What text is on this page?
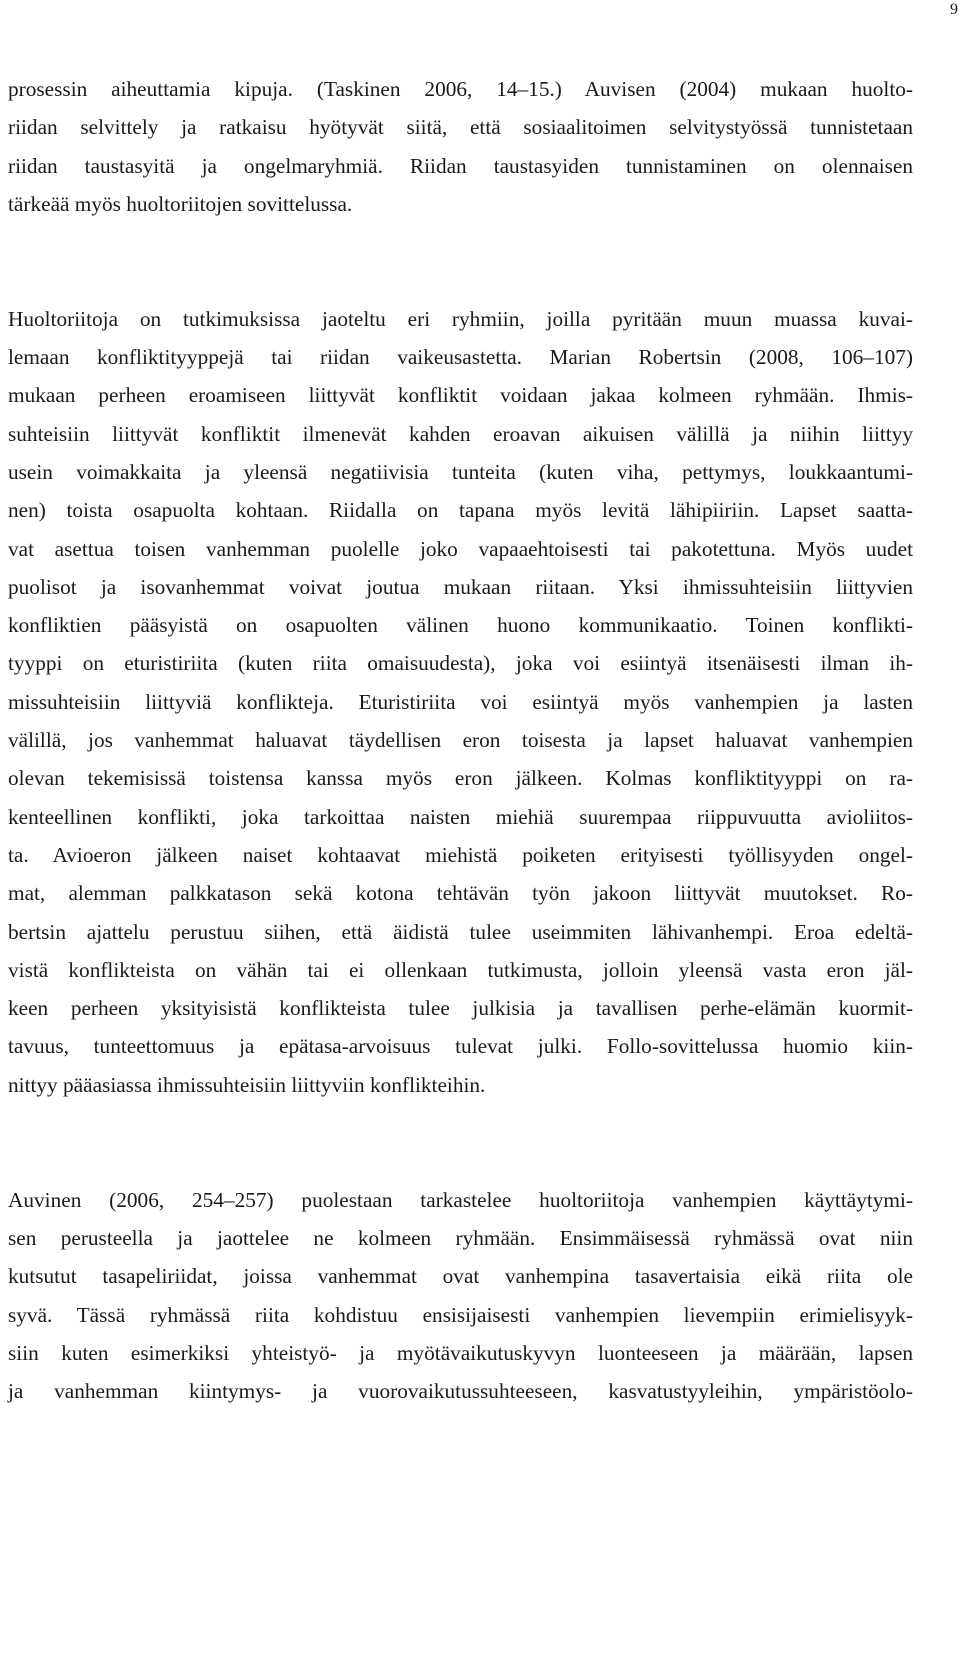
9
prosessin aiheuttamia kipuja. (Taskinen 2006, 14–15.) Auvisen (2004) mukaan huolto-
riidan selvittely ja ratkaisu hyötyvät siitä, että sosiaalitoimen selvitystyössä tunnistetaan
riidan taustasyitä ja ongelmaryhmiä. Riidan taustasyiden tunnistaminen on olennaisen
tärkeää myös huoltoriitojen sovittelussa.
Huoltoriitoja on tutkimuksissa jaoteltu eri ryhmiin, joilla pyritään muun muassa kuvai-
lemaan konfliktityyppejä tai riidan vaikeusastetta. Marian Robertsin (2008, 106–107)
mukaan perheen eroamiseen liittyvät konfliktit voidaan jakaa kolmeen ryhmään. Ihmis-
suhteisiin liittyvät konfliktit ilmenevät kahden eroavan aikuisen välillä ja niihin liittyy
usein voimakkaita ja yleensä negatiivisia tunteita (kuten viha, pettymys, loukkaantumi-
nen) toista osapuolta kohtaan. Riidalla on tapana myös levitä lähipiiriin. Lapset saatta-
vat asettua toisen vanhemman puolelle joko vapaaehtoisesti tai pakotettuna. Myös uudet
puolisot ja isovanhemmat voivat joutua mukaan riitaan. Yksi ihmissuhteisiin liittyvien
konfliktien pääsyistä on osapuolten välinen huono kommunikaatio. Toinen konflikti-
tyyppi on eturistiriita (kuten riita omaisuudesta), joka voi esiintyä itsenäisesti ilman ih-
missuhteisiin liittyviä konflikteja. Eturistiriita voi esiintyä myös vanhempien ja lasten
välillä, jos vanhemmat haluavat täydellisen eron toisesta ja lapset haluavat vanhempien
olevan tekemisissä toistensa kanssa myös eron jälkeen. Kolmas konfliktityyppi on ra-
kenteellinen konflikti, joka tarkoittaa naisten miehiä suurempaa riippuvuutta avioliitos-
ta. Avioeron jälkeen naiset kohtaavat miehistä poiketen erityisesti työllisyyden ongel-
mat, alemman palkkatason sekä kotona tehtävän työn jakoon liittyvät muutokset. Ro-
bertsin ajattelu perustuu siihen, että äidistä tulee useimmiten lähivanhempi. Eroa edeltä-
vistä konflikteista on vähän tai ei ollenkaan tutkimusta, jolloin yleensä vasta eron jäl-
keen perheen yksityisistä konflikteista tulee julkisia ja tavallisen perhe-elämän kuormit-
tavuus, tunteettomuus ja epätasa-arvoisuus tulevat julki. Follo-sovittelussa huomio kiin-
nittyy pääasiassa ihmissuhteisiin liittyviin konflikteihin.
Auvinen (2006, 254–257) puolestaan tarkastelee huoltoriitoja vanhempien käyttäytymi-
sen perusteella ja jaottelee ne kolmeen ryhmään. Ensimmäisessä ryhmässä ovat niin
kutsutut tasapeliriidat, joissa vanhemmat ovat vanhempina tasavertaisia eikä riita ole
syvä. Tässä ryhmässä riita kohdistuu ensisijaisesti vanhempien lievempiin erimielisyyk-
siin kuten esimerkiksi yhteistyö- ja myötävaikutuskyvyn luonteeseen ja määrään, lapsen
ja vanhemman kiintymys- ja vuorovaikutussuhteeseen, kasvatustyyleihin, ympäristöolo-
